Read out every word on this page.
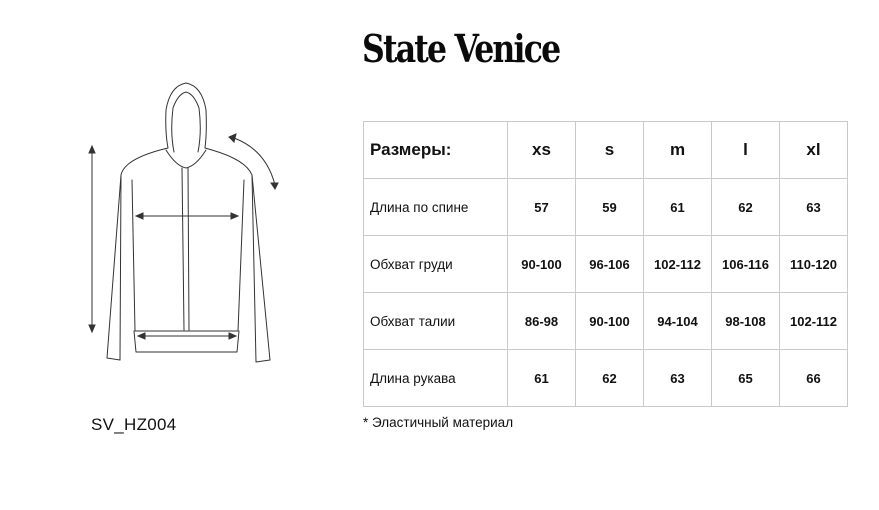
State Venice
SV_HZ004
Размеры:	xs	s	m	l	xl
Длина по спине	57	59	61	62	63
Обхват груди	90-100	96-106	102-112	106-116	110-120
Обхват талии	86-98	90-100	94-104	98-108	102-112
Длина рукава	61	62	63	65	66
* Эластичный материал
